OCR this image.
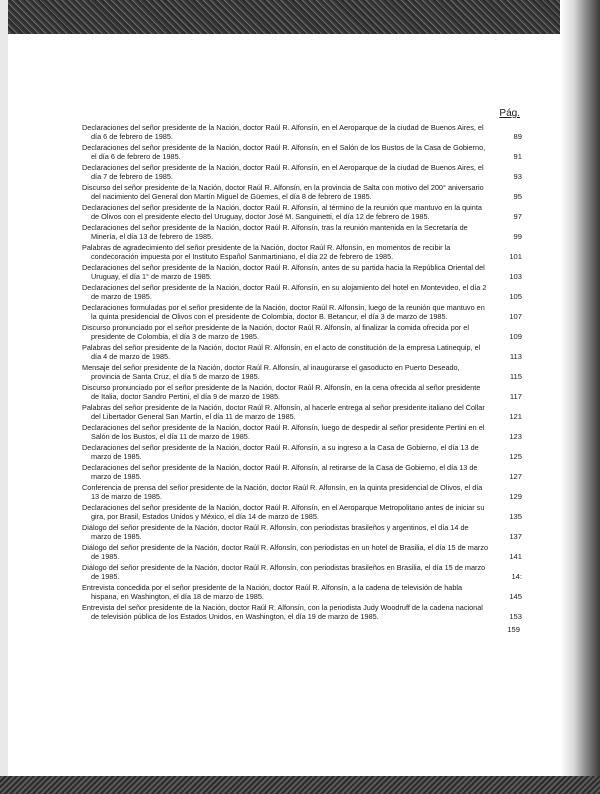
Pág.
Declaraciones del señor presidente de la Nación, doctor Raúl R. Alfonsín, en el Aeroparque de la ciudad de Buenos Aires, el día 6 de febrero de 1985.	89
Declaraciones del señor presidente de la Nación, doctor Raúl R. Alfonsín, en el Salón de los Bustos de la Casa de Gobierno, el día 6 de febrero de 1985.	91
Declaraciones del señor presidente de la Nación, doctor Raúl R. Alfonsín, en el Aeroparque de la ciudad de Buenos Aires, el día 7 de febrero de 1985.	93
Discurso del señor presidente de la Nación, doctor Raúl R. Alfonsín, en la provincia de Salta con motivo del 200° aniversario del nacimiento del General don Martín Miguel de Güemes, el día 8 de febrero de 1985.	95
Declaraciones del señor presidente de la Nación, doctor Raúl R. Alfonsín, al término de la reunión que mantuvo en la quinta de Olivos con el presidente electo del Uruguay, doctor José M. Sanguinetti, el día 12 de febrero de 1985.	97
Declaraciones del señor presidente de la Nación, doctor Raúl R. Alfonsín, tras la reunión mantenida en la Secretaría de Minería, el día 13 de febrero de 1985.	99
Palabras de agradecimiento del señor presidente de la Nación, doctor Raúl R. Alfonsín, en momentos de recibir la condecoración impuesta por el Instituto Español Sanmartiniano, el día 22 de febrero de 1985.	101
Declaraciones del señor presidente de la Nación, doctor Raúl R. Alfonsín, antes de su partida hacia la República Oriental del Uruguay, el día 1° de marzo de 1985.	103
Declaraciones del señor presidente de la Nación, doctor Raúl R. Alfonsín, en su alojamiento del hotel en Montevideo, el día 2 de marzo de 1985.	105
Declaraciones formuladas por el señor presidente de la Nación, doctor Raúl R. Alfonsín, luego de la reunión que mantuvo en la quinta presidencial de Olivos con el presidente de Colombia, doctor B. Betancur, el día 3 de marzo de 1985.	107
Discurso pronunciado por el señor presidente de la Nación, doctor Raúl R. Alfonsín, al finalizar la comida ofrecida por el presidente de Colombia, el día 3 de marzo de 1985.	109
Palabras del señor presidente de la Nación, doctor Raúl R. Alfonsín, en el acto de constitución de la empresa Latinequip, el día 4 de marzo de 1985.	113
Mensaje del señor presidente de la Nación, doctor Raúl R. Alfonsín, al inaugurarse el gasoducto en Puerto Deseado, provincia de Santa Cruz, el día 5 de marzo de 1985.	115
Discurso pronunciado por el señor presidente de la Nación, doctor Raúl R. Alfonsín, en la cena ofrecida al señor presidente de Italia, doctor Sandro Pertini, el día 9 de marzo de 1985.	117
Palabras del señor presidente de la Nación, doctor Raúl R. Alfonsín, al hacerle entrega al señor presidente italiano del Collar del Libertador General San Martín, el día 11 de marzo de 1985.	121
Declaraciones del señor presidente de la Nación, doctor Raúl R. Alfonsín, luego de despedir al señor presidente Pertini en el Salón de los Bustos, el día 11 de marzo de 1985.	123
Declaraciones del señor presidente de la Nación, doctor Raúl R. Alfonsín, a su ingreso a la Casa de Gobierno, el día 13 de marzo de 1985.	125
Declaraciones del señor presidente de la Nación, doctor Raúl R. Alfonsín, al retirarse de la Casa de Gobierno, el día 13 de marzo de 1985.	127
Conferencia de prensa del señor presidente de la Nación, doctor Raúl R. Alfonsín, en la quinta presidencial de Olivos, el día 13 de marzo de 1985.	129
Declaraciones del señor presidente de la Nación, doctor Raúl R. Alfonsín, en el Aeroparque Metropolitano antes de iniciar su gira, por Brasil, Estados Unidos y México, el día 14 de marzo de 1985.	135
Diálogo del señor presidente de la Nación, doctor Raúl R. Alfonsín, con periodistas brasileños y argentinos, el día 14 de marzo de 1985.	137
Diálogo del señor presidente de la Nación, doctor Raúl R. Alfonsín, con periodistas en un hotel de Brasilia, el día 15 de marzo de 1985.	141
Diálogo del señor presidente de la Nación, doctor Raúl R. Alfonsín, con periodistas brasileños en Brasilia, el día 15 de marzo de 1985.	14:
Entrevista concedida por el señor presidente de la Nación, doctor Raúl R. Alfonsín, a la cadena de televisión de habla hispana, en Washington, el día 18 de marzo de 1985.	145
Entrevista del señor presidente de la Nación, doctor Raúl R. Alfonsín, con la periodista Judy Woodruff de la cadena nacional de televisión pública de los Estados Unidos, en Washington, el día 19 de marzo de 1985.	153
159
